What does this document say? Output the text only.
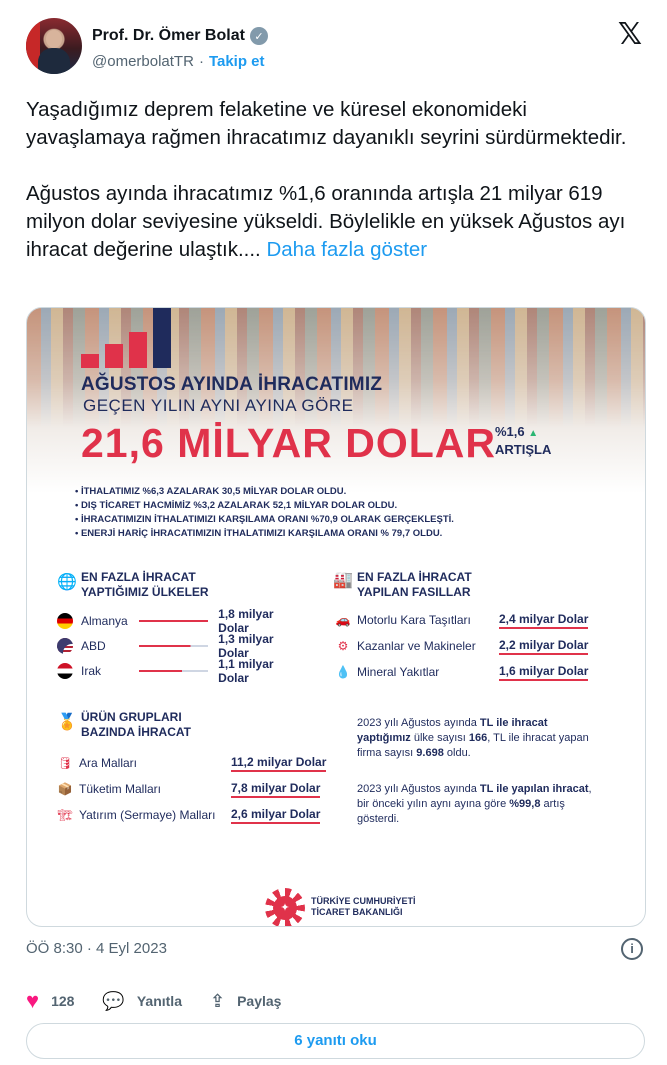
Prof. Dr. Ömer Bolat ✓
@omerbolatTR · Takip et
𝕏

Yaşadığımız deprem felaketine ve küresel ekonomideki yavaşlamaya rağmen ihracatımız dayanıklı seyrini sürdürmektedir.

Ağustos ayında ihracatımız %1,6 oranında artışla 21 milyar 619 milyon dolar seviyesine yükseldi. Böylelikle en yüksek Ağustos ayı ihracat değerine ulaştık.... Daha fazla göster

AĞUSTOS AYINDA İHRACATIMIZ
GEÇEN YILIN AYNI AYINA GÖRE
21,6 MİLYAR DOLAR %1,6 ▲
ARTIŞLA
• İTHALATIMIZ %6,3 AZALARAK 30,5 MİLYAR DOLAR OLDU.
• DIŞ TİCARET HACMİMİZ %3,2 AZALARAK 52,1 MİLYAR DOLAR OLDU.
• İHRACATIMIZIN İTHALATIMIZI KARŞILAMA ORANI %70,9 OLARAK GERÇEKLEŞTİ.
• ENERJİ HARİÇ İHRACATIMIZIN İTHALATIMIZI KARŞILAMA ORANI % 79,7 OLDU.
🌐 EN FAZLA İHRACAT
YAPTIĞIMIZ ÜLKELER
Almanya	1,8 milyar Dolar
ABD	1,3 milyar Dolar
Irak	1,1 milyar Dolar
🏭 EN FAZLA İHRACAT
YAPILAN FASILLAR
🚗 Motorlu Kara Taşıtları	2,4 milyar Dolar
⚙ Kazanlar ve Makineler	2,2 milyar Dolar
💧 Mineral Yakıtlar	1,6 milyar Dolar
🏅 ÜRÜN GRUPLARI
BAZINDA İHRACAT
🛢 Ara Malları	11,2 milyar Dolar
📦 Tüketim Malları	7,8 milyar Dolar
🏗 Yatırım (Sermaye) Malları	2,6 milyar Dolar
2023 yılı Ağustos ayında TL ile ihracat yaptığımız ülke sayısı 166, TL ile ihracat yapan firma sayısı 9.698 oldu.
2023 yılı Ağustos ayında TL ile yapılan ihracat, bir önceki yılın aynı ayına göre %99,8 artış gösterdi.
✦
TÜRKİYE CUMHURİYETİ
TİCARET BAKANLIĞI
ÖÖ 8:30 · 4 Eyl 2023	i
♥ 128 💬 Yanıtla ⇪ Paylaş
6 yanıtı oku
